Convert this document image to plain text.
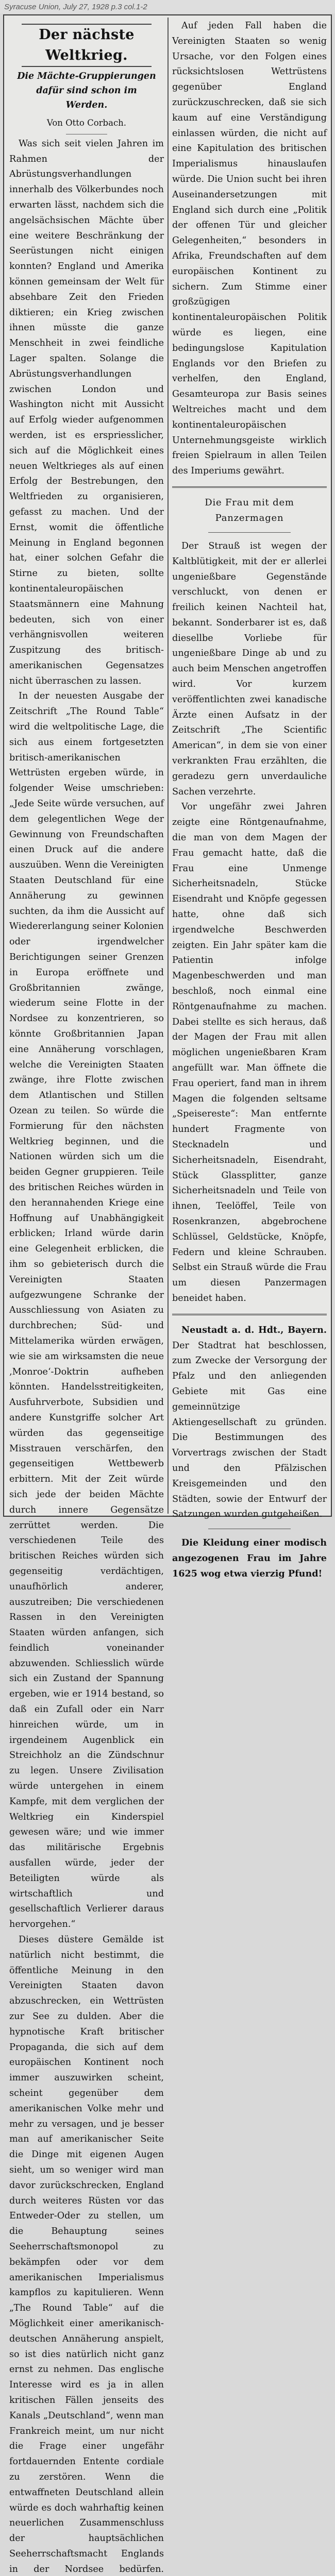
Syracuse Union, July 27, 1928 p.3 col.1-2
Der nächste Weltkrieg.
Die Mächte-Gruppierungen dafür sind schon im Werden.
Von Otto Corbach.

Was sich seit vielen Jahren im Rahmen der Abrüstungsverhandlungen innerhalb des Völkerbundes noch erwarten lässt, nachdem sich die angelsächsischen Mächte über eine weitere Beschränkung der Seerüstungen nicht einigen konnten? England und Amerika können gemeinsam der Welt für absehbare Zeit den Frieden diktieren; ein Krieg zwischen ihnen müsste die ganze Menschheit in zwei feindliche Lager spalten. Solange die Abrüstungsverhandlungen zwischen London und Washington nicht mit Aussicht auf Erfolg wieder aufgenommen werden, ist es erspriesslicher, sich auf die Möglichkeit eines neuen Weltkrieges als auf einen Erfolg der Bestrebungen, den Weltfrieden zu organisieren, gefasst zu machen. Und der Ernst, womit die öffentliche Meinung in England begonnen hat, einer solchen Gefahr die Stirne zu bieten, sollte kontinentaleuropäischen Staatsmännern eine Mahnung bedeuten, sich von einer verhängnisvollen weiteren Zuspitzung des britisch-amerikanischen Gegensatzes nicht überraschen zu lassen.

In der neuesten Ausgabe der Zeitschrift „The Round Table“ wird die weltpolitische Lage, die sich aus einem fortgesetzten britisch-amerikanischen Wettrüsten ergeben würde, in folgender Weise umschrieben: „Jede Seite würde versuchen, auf dem gelegentlichen Wege der Gewinnung von Freundschaften einen Druck auf die andere auszuüben. Wenn die Vereinigten Staaten Deutschland für eine Annäherung zu gewinnen suchten, da ihm die Aussicht auf Wiedererlangung seiner Kolonien oder irgendwelcher Berichtigungen seiner Grenzen in Europa eröffnete und Großbritannien zwänge, wiederum seine Flotte in der Nordsee zu konzentrieren, so könnte Großbritannien Japan eine Annäherung vorschlagen, welche die Vereinigten Staaten zwänge, ihre Flotte zwischen dem Atlantischen und Stillen Ozean zu teilen. So würde die Formierung für den nächsten Weltkrieg beginnen, und die Nationen würden sich um die beiden Gegner gruppieren. Teile des britischen Reiches würden in den herannahenden Kriege eine Hoffnung auf Unabhängigkeit erblicken; Irland würde darin eine Gelegenheit erblicken, die ihm so gebieterisch durch die Vereinigten Staaten aufgezwungene Schranke der Ausschliessung von Asiaten zu durchbrechen; Süd- und Mittelamerika würden erwägen, wie sie am wirksamsten die neue ‚Monroe‘-Doktrin aufheben könnten. Handelsstreitigkeiten, Ausfuhrverbote, Subsidien und andere Kunstgriffe solcher Art würden das gegenseitige Misstrauen verschärfen, den gegenseitigen Wettbewerb erbittern. Mit der Zeit würde sich jede der beiden Mächte durch innere Gegensätze zerrüttet werden. Die verschiedenen Teile des britischen Reiches würden sich gegenseitig verdächtigen, unaufhörlich anderer, auszutreiben; Die verschiedenen Rassen in den Vereinigten Staaten würden anfangen, sich feindlich voneinander abzuwenden. Schliesslich würde sich ein Zustand der Spannung ergeben, wie er 1914 bestand, so daß ein Zufall oder ein Narr hinreichen würde, um in irgendeinem Augenblick ein Streichholz an die Zündschnur zu legen. Unsere Zivilisation würde untergehen in einem Kampfe, mit dem verglichen der Weltkrieg ein Kinderspiel gewesen wäre; und wie immer das militärische Ergebnis ausfallen würde, jeder der Beteiligten würde als wirtschaftlich und gesellschaftlich Verlierer daraus hervorgehen.“

Dieses düstere Gemälde ist natürlich nicht bestimmt, die öffentliche Meinung in den Vereinigten Staaten davon abzuschrecken, ein Wettrüsten zur See zu dulden. Aber die hypnotische Kraft britischer Propaganda, die sich auf dem europäischen Kontinent noch immer auszuwirken scheint, scheint gegenüber dem amerikanischen Volke mehr und mehr zu versagen, und je besser man auf amerikanischer Seite die Dinge mit eigenen Augen sieht, um so weniger wird man davor zurückschrecken, England durch weiteres Rüsten vor das Entweder-Oder zu stellen, um die Behauptung seines Seeherrschaftsmonopol zu bekämpfen oder vor dem amerikanischen Imperialismus kampflos zu kapitulieren. Wenn „The Round Table“ auf die Möglichkeit einer amerikanisch-deutschen Annäherung anspielt, so ist dies natürlich nicht ganz ernst zu nehmen. Das englische Interesse wird es ja in allen kritischen Fällen jenseits des Kanals „Deutschland“, wenn man Frankreich meint, um nur nicht die Frage einer ungefähr fortdauernden Entente cordiale zu zerstören. Wenn die entwaffneten Deutschland allein würde es doch wahrhaftig keinen neuerlichen Zusammenschluss der hauptsächlichen Seeherrschaftsmacht Englands in der Nordsee bedürfen.

Auf jeden Fall haben die Vereinigten Staaten so wenig Ursache, vor den Folgen eines rücksichtslosen Wettrüstens gegenüber England zurückzuschrecken, daß sie sich kaum auf eine Verständigung einlassen würden, die nicht auf eine Kapitulation des britischen Imperialismus hinauslaufen würde. Die Union sucht bei ihren Auseinandersetzungen mit England sich durch eine „Politik der offenen Tür und gleicher Gelegenheiten,“ besonders in Afrika, Freundschaften auf dem europäischen Kontinent zu sichern. Zum Stimme einer großzügigen kontinentaleuropäischen Politik würde es liegen, eine bedingungslose Kapitulation Englands vor den Briefen zu verhelfen, den England, Gesamteuropa zur Basis seines Weltreiches macht und dem kontinentaleuropäischen Unternehmungsgeiste wirklich freien Spielraum in allen Teilen des Imperiums gewährt.

Die Frau mit dem Panzermagen

Der Strauß ist wegen der Kaltblütigkeit, mit der er allerlei ungenießbare Gegenstände verschluckt, von denen er freilich keinen Nachteil hat, bekannt. Sonderbarer ist es, daß diesellbe Vorliebe für ungenießbare Dinge ab und zu auch beim Menschen angetroffen wird. Vor kurzem veröffentlichten zwei kanadische Ärzte einen Aufsatz in der Zeitschrift „The Scientific American“, in dem sie von einer verkrankten Frau erzählten, die geradezu gern unverdauliche Sachen verzehrte.

Vor ungefähr zwei Jahren zeigte eine Röntgenaufnahme, die man von dem Magen der Frau gemacht hatte, daß die Frau eine Unmenge Sicherheitsnadeln, Stücke Eisendraht und Knöpfe gegessen hatte, ohne daß sich irgendwelche Beschwerden zeigten. Ein Jahr später kam die Patientin infolge Magenbeschwerden und man beschloß, noch einmal eine Röntgenaufnahme zu machen. Dabei stellte es sich heraus, daß der Magen der Frau mit allen möglichen ungenießbaren Kram angefüllt war. Man öffnete die Frau operiert, fand man in ihrem Magen die folgenden seltsame „Speisereste“: Man entfernte hundert Fragmente von Stecknadeln und Sicherheitsnadeln, Eisendraht, Stück Glassplitter, ganze Sicherheitsnadeln und Teile von ihnen, Teelöffel, Teile von Rosenkranzen, abgebrochene Schlüssel, Geldstücke, Knöpfe, Federn und kleine Schrauben. Selbst ein Strauß würde die Frau um diesen Panzermagen beneidet haben.

Neustadt a. d. Hdt., Bayern. Der Stadtrat hat beschlossen, zum Zwecke der Versorgung der Pfalz und den anliegenden Gebiete mit Gas eine gemeinnützige Aktiengesellschaft zu gründen. Die Bestimmungen des Vorvertrags zwischen der Stadt und den Pfälzischen Kreisgemeinden und den Städten, sowie der Entwurf der Satzungen wurden gutgeheißen.

Die Kleidung einer modisch angezogenen Frau im Jahre 1625 wog etwa vierzig Pfund!
